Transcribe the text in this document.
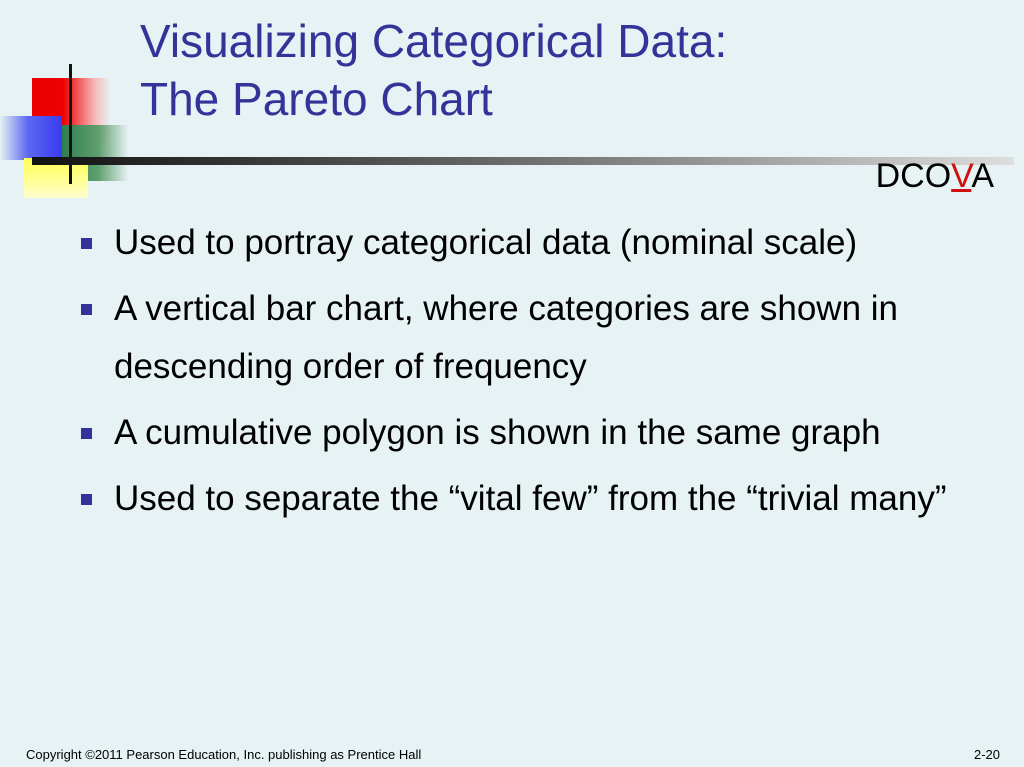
Visualizing Categorical Data:
The Pareto Chart
DCOVA
Used to portray categorical data (nominal scale)
A vertical bar chart, where categories are shown in descending order of frequency
A cumulative polygon is shown in the same graph
Used to separate the “vital few” from the “trivial many”
Copyright ©2011 Pearson Education, Inc. publishing as Prentice Hall	2-20
